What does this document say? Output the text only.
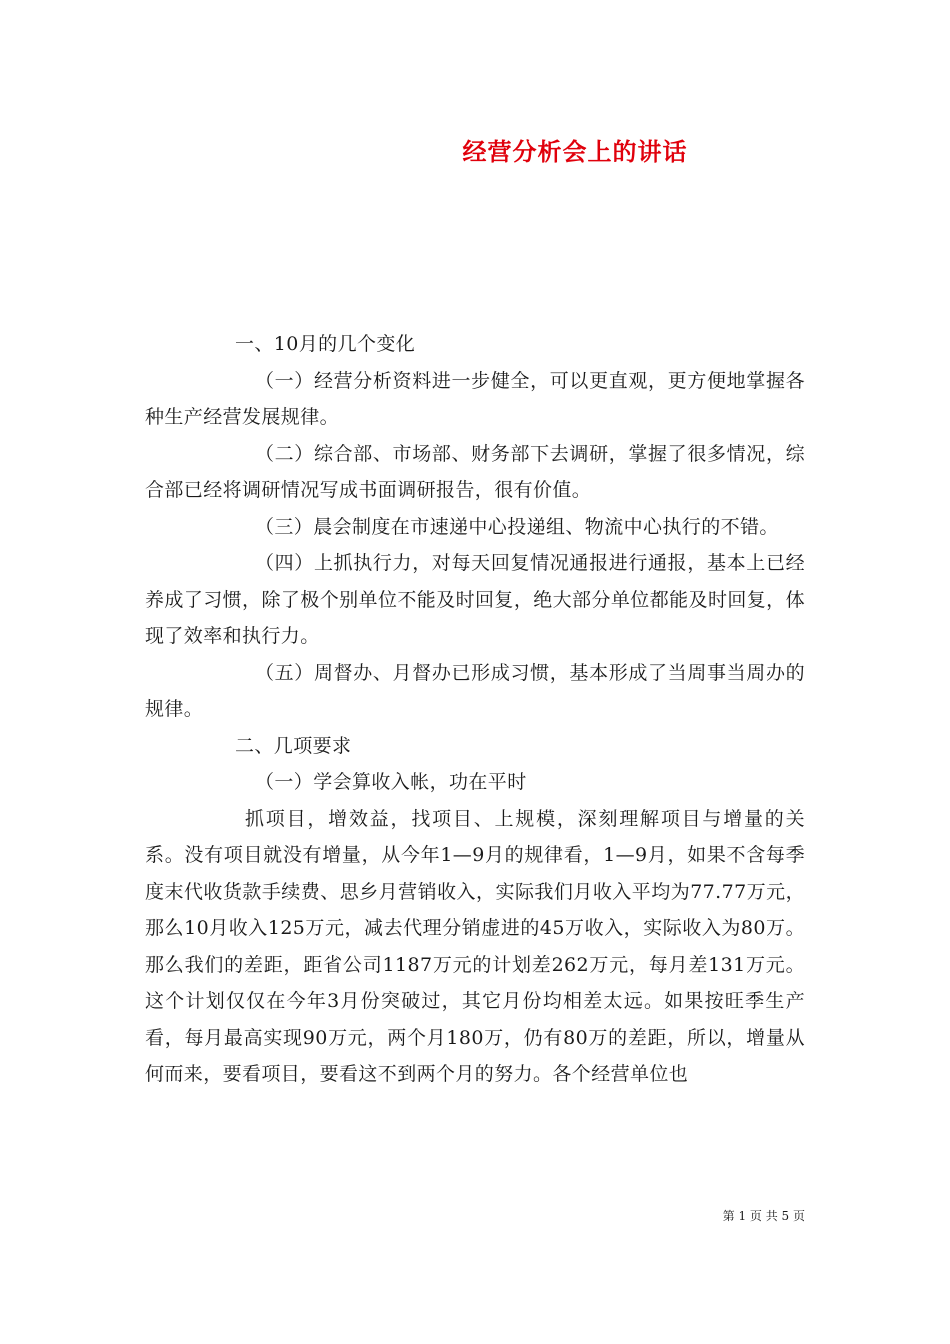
经营分析会上的讲话

一、10月的几个变化

（一）经营分析资料进一步健全，可以更直观，更方便地掌握各种生产经营发展规律。

（二）综合部、市场部、财务部下去调研，掌握了很多情况，综合部已经将调研情况写成书面调研报告，很有价值。

（三）晨会制度在市速递中心投递组、物流中心执行的不错。

（四）上抓执行力，对每天回复情况通报进行通报，基本上已经养成了习惯，除了极个别单位不能及时回复，绝大部分单位都能及时回复，体现了效率和执行力。

（五）周督办、月督办已形成习惯，基本形成了当周事当周办的规律。

二、几项要求

（一）学会算收入帐，功在平时

抓项目，增效益，找项目、上规模，深刻理解项目与增量的关系。没有项目就没有增量，从今年1—9月的规律看，1—9月，如果不含每季度末代收货款手续费、思乡月营销收入，实际我们月收入平均为77.77万元，那么10月收入125万元，减去代理分销虚进的45万收入，实际收入为80万。那么我们的差距，距省公司1187万元的计划差262万元，每月差131万元。这个计划仅仅在今年3月份突破过，其它月份均相差太远。如果按旺季生产看，每月最高实现90万元，两个月180万，仍有80万的差距，所以，增量从何而来，要看项目，要看这不到两个月的努力。各个经营单位也

第 1 页 共 5 页
